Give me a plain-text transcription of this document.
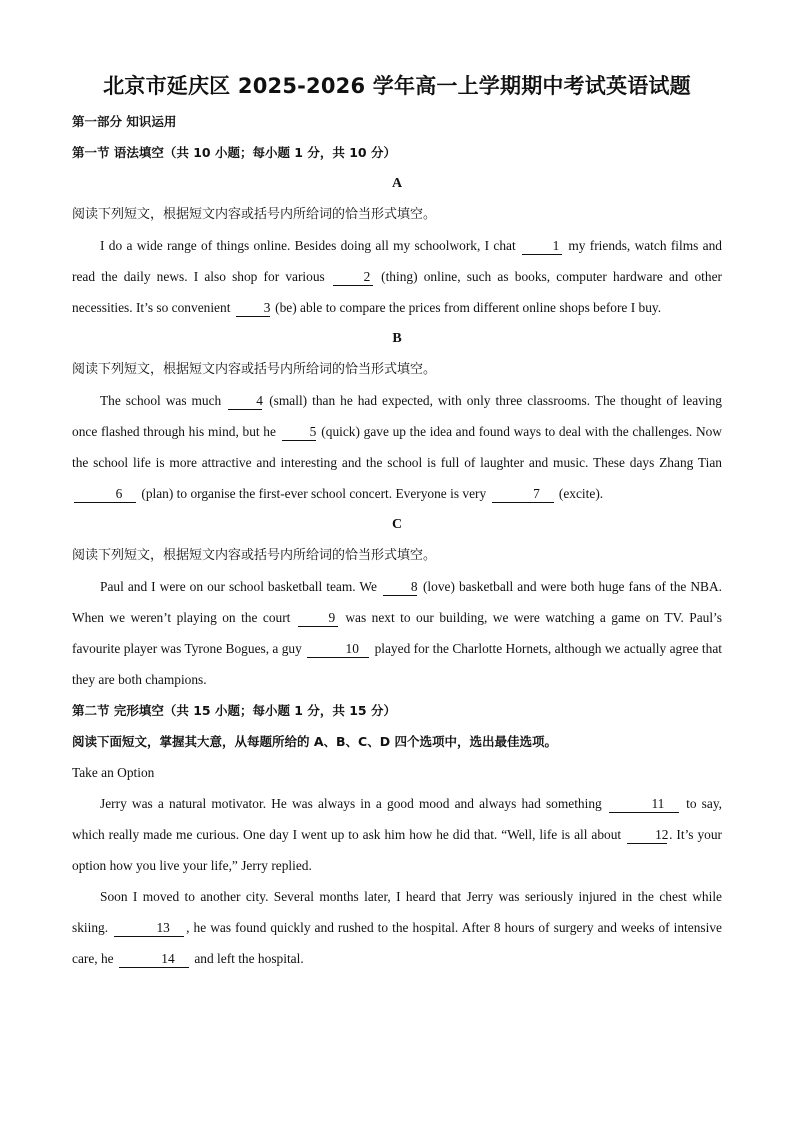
北京市延庆区 2025-2026 学年高一上学期期中考试英语试题
第一部分 知识运用
第一节 语法填空（共 10 小题；每小题 1 分，共 10 分）
A
阅读下列短文，根据短文内容或括号内所给词的恰当形式填空。
I do a wide range of things online. Besides doing all my schoolwork, I chat	1 my friends, watch films and read the daily news. I also shop for various	2 (thing) online, such as books, computer hardware and other necessities. It’s so convenient 3 (be) able to compare the prices from different online shops before I buy.
B
阅读下列短文，根据短文内容或括号内所给词的恰当形式填空。
The school was much	4 (small) than he had expected, with only three classrooms. The thought of leaving once flashed through his mind, but he	5 (quick) gave up the idea and found ways to deal with the challenges. Now the school life is more attractive and interesting and the school is full of laughter and music. These days Zhang Tian 6 (plan) to organise the first-ever school concert. Everyone is very	7 (excite).
C
阅读下列短文，根据短文内容或括号内所给词的恰当形式填空。
Paul and I were on our school basketball team. We	8 (love) basketball and were both huge fans of the NBA. When we weren’t playing on the court	9 was next to our building, we were watching a game on TV. Paul’s favourite player was Tyrone Bogues, a guy	10 played for the Charlotte Hornets, although we actually agree that they are both champions.
第二节 完形填空（共 15 小题；每小题 1 分，共 15 分）
阅读下面短文，掌握其大意，从每题所给的 A、B、C、D 四个选项中，选出最佳选项。
Take an Option
Jerry was a natural motivator. He was always in a good mood and always had something	11 to say, which really made me curious. One day I went up to ask him how he did that. “Well, life is all about	12. It’s your option how you live your life,” Jerry replied.
Soon I moved to another city. Several months later, I heard that Jerry was seriously injured in the chest while skiing.	13 , he was found quickly and rushed to the hospital. After 8 hours of surgery and weeks of intensive care, he	14 and left the hospital.
